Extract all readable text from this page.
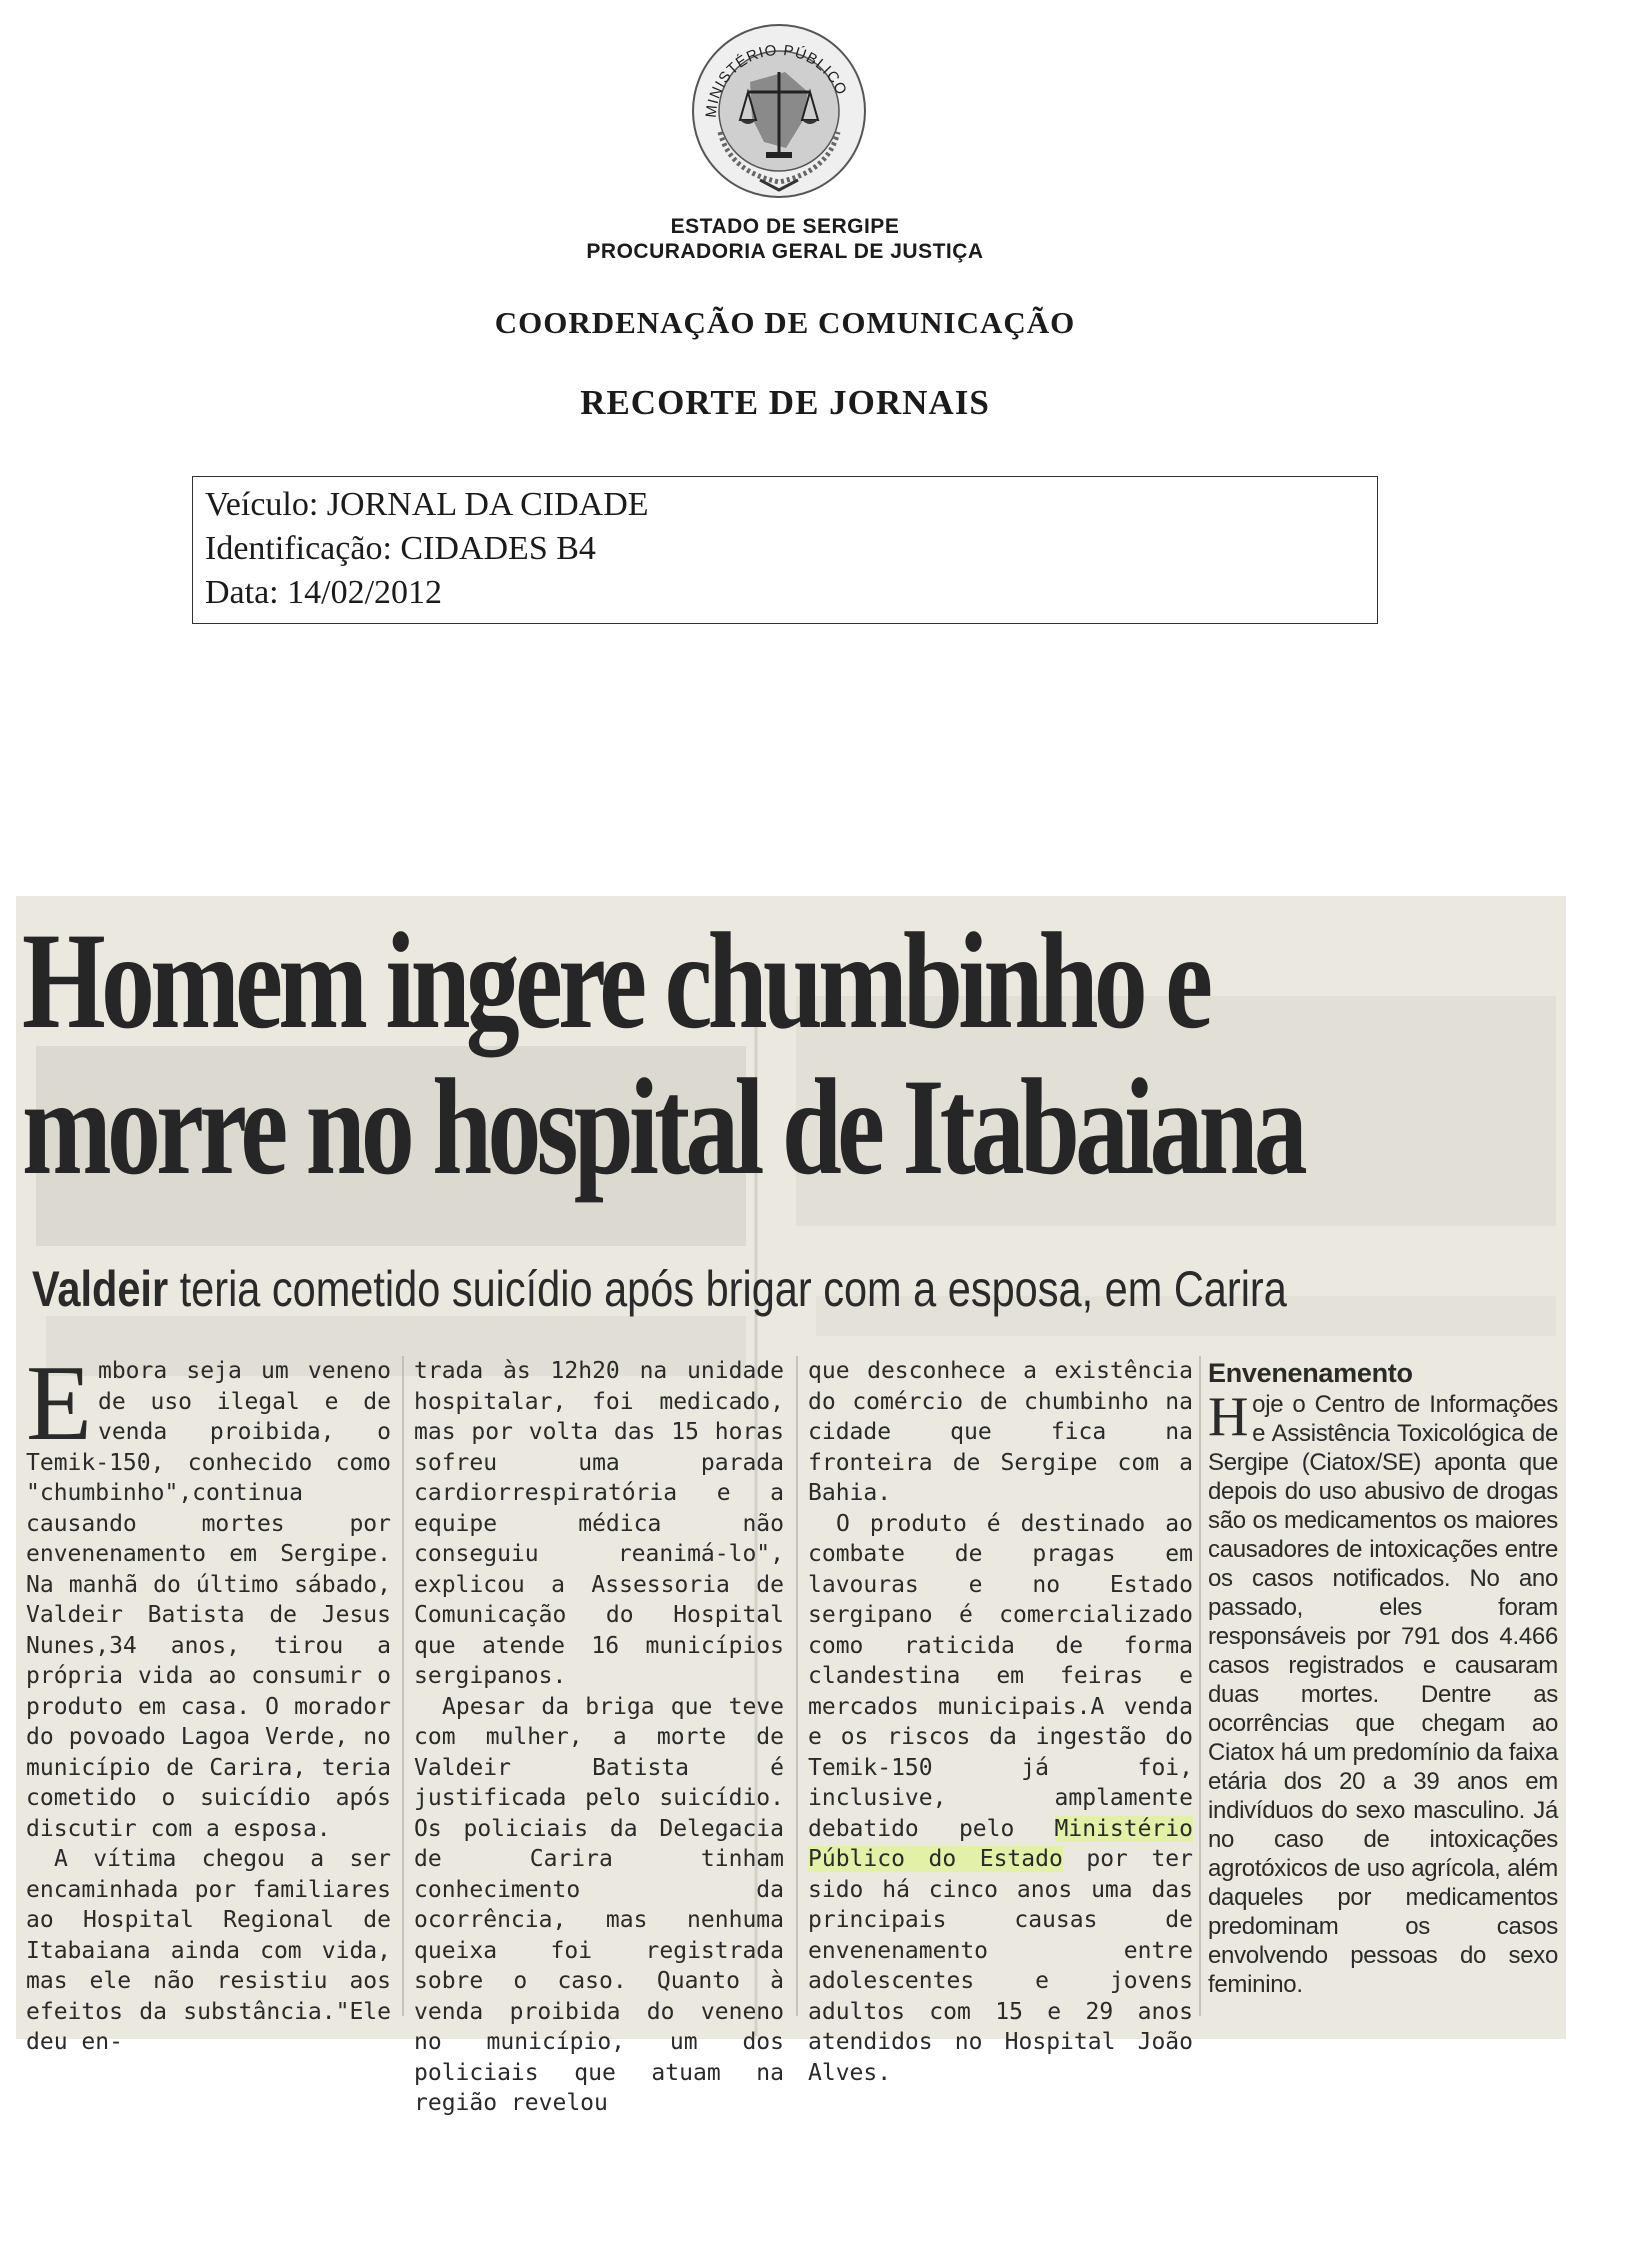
MINISTÉRIO PÚBLICO
ESTADO DE SERGIPE
PROCURADORIA GERAL DE JUSTIÇA
COORDENAÇÃO DE COMUNICAÇÃO
RECORTE DE JORNAIS
Veículo: JORNAL DA CIDADE
Identificação: CIDADES B4
Data: 14/02/2012
Homem ingere chumbinho e
morre no hospital de Itabaiana
Valdeir teria cometido suicídio após brigar com a esposa, em Carira

Embora seja um veneno de uso ilegal e de venda proibida, o Temik-150, conhecido como "chumbinho",continua causando mortes por envenenamento em Sergipe. Na manhã do último sábado, Valdeir Batista de Jesus Nunes,34 anos, tirou a própria vida ao consumir o produto em casa. O morador do povoado Lagoa Verde, no município de Carira, teria cometido o suicídio após discutir com a esposa.

A vítima chegou a ser encaminhada por familiares ao Hospital Regional de Itabaiana ainda com vida, mas ele não resistiu aos efeitos da substância."Ele deu en-

trada às 12h20 na unidade hospitalar, foi medicado, mas por volta das 15 horas sofreu uma parada cardiorrespiratória e a equipe médica não conseguiu reanimá-lo", explicou a Assessoria de Comunicação do Hospital que atende 16 municípios sergipanos.

Apesar da briga que teve com mulher, a morte de Valdeir Batista é justificada pelo suicídio. Os policiais da Delegacia de Carira tinham conhecimento da ocorrência, mas nenhuma queixa foi registrada sobre o caso. Quanto à venda proibida do veneno no município, um dos policiais que atuam na região revelou

que desconhece a existência do comércio de chumbinho na cidade que fica na fronteira de Sergipe com a Bahia.

O produto é destinado ao combate de pragas em lavouras e no Estado sergipano é comercializado como raticida de forma clandestina em feiras e mercados municipais.A venda e os riscos da ingestão do Temik-150 já foi, inclusive, amplamente debatido pelo Ministério Público do Estado por ter sido há cinco anos uma das principais causas de envenenamento entre adolescentes e jovens adultos com 15 e 29 anos atendidos no Hospital João Alves.

Envenenamento

Hoje o Centro de Informações e Assistência Toxicológica de Sergipe (Ciatox/SE) aponta que depois do uso abusivo de drogas são os medicamentos os maiores causadores de intoxicações entre os casos notificados. No ano passado, eles foram responsáveis por 791 dos 4.466 casos registrados e causaram duas mortes. Dentre as ocorrências que chegam ao Ciatox há um predomínio da faixa etária dos 20 a 39 anos em indivíduos do sexo masculino. Já no caso de intoxicações agrotóxicos de uso agrícola, além daqueles por medicamentos predominam os casos envolvendo pessoas do sexo feminino.
